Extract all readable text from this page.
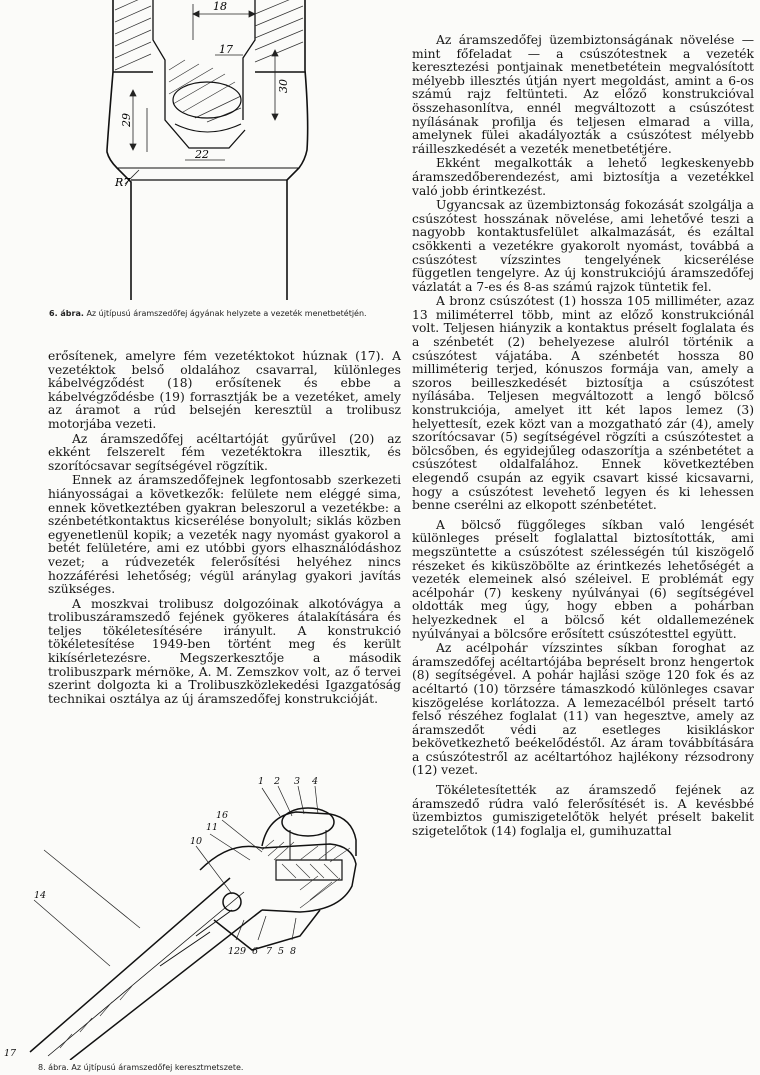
18
17
30
29
22
R7
6. ábra. Az újtípusú áramszedőfej ágyának helyzete a vezeték menetbetétjén.

erősítenek, amelyre fém vezetéktokot húznak (17). A vezetéktok belső oldalához csavarral, különleges kábelvégződést (18) erősítenek és ebbe a kábelvégződésbe (19) forrasztják be a vezetéket, amely az áramot a rúd belsején keresztül a trolibusz motorjába vezeti.

Az áramszedőfej acéltartóját gyűrűvel (20) az ekként felszerelt fém vezetéktokra illesztik, és szorítócsavar segítségével rögzítik.

Ennek az áramszedőfejnek legfontosabb szerkezeti hiányosságai a következők: felülete nem eléggé sima, ennek következtében gyakran beleszorul a vezetékbe: a szénbetétkontaktus kicserélése bonyolult; siklás közben egyenetlenül kopik; a vezeték nagy nyomást gyakorol a betét felületére, ami ez utóbbi gyors elhasználódáshoz vezet; a rúdvezeték felerősítési helyéhez nincs hozzáférési lehetőség; végül aránylag gyakori javítás szükséges.

A moszkvai trolibusz dolgozóinak alkotóvágya a trolibuszáramszedő fejének gyökeres átalakítására és teljes tökéletesítésére irányult. A konstrukció tökéletesítése 1949-ben történt meg és került kikísérletezésre. Megszerkesztője a második trolibuszpark mérnöke, A. M. Zemszkov volt, az ő tervei szerint dolgozta ki a Trolibuszközlekedési Igazgatóság technikai osztálya az új áramszedőfej konstrukcióját.

1 2 3 4
5
6 7 8
9
10
11
12
14
16
17
8. ábra. Az újtípusú áramszedőfej keresztmetszete.

Az áramszedőfej üzembiztonságának növelése — mint főfeladat — a csúszótestnek a vezeték keresztezési pontjainak menetbetétein megvalósított mélyebb illesztés útján nyert megoldást, amint a 6-os számú rajz feltünteti. Az előző konstrukcióval összehasonlítva, ennél megváltozott a csúszótest nyílásának profilja és teljesen elmarad a villa, amelynek fülei akadályozták a csúszótest mélyebb ráilleszkedését a vezeték menetbetétjére.

Ekként megalkották a lehető legkeskenyebb áramszedőberendezést, ami biztosítja a vezetékkel való jobb érintkezést.

Ugyancsak az üzembiztonság fokozását szolgálja a csúszótest hosszának növelése, ami lehetővé teszi a nagyobb kontaktusfelület alkalmazását, és ezáltal csökkenti a vezetékre gyakorolt nyomást, továbbá a csúszótest vízszintes tengelyének kicserélése független tengelyre. Az új konstrukciójú áramszedőfej vázlatát a 7-es és 8-as számú rajzok tüntetik fel.

A bronz csúszótest (1) hossza 105 milliméter, azaz 13 miliméterrel több, mint az előző konstrukciónál volt. Teljesen hiányzik a kontaktus préselt foglalata és a szénbetét (2) behelyezese alulról történik a csúszótest vájatába. A szénbetét hossza 80 milliméterig terjed, kónuszos formája van, amely a szoros beilleszkedését biztosítja a csúszótest nyílásába. Teljesen megváltozott a lengő bölcső konstrukciója, amelyet itt két lapos lemez (3) helyettesít, ezek közt van a mozgatható zár (4), amely szorítócsavar (5) segítségével rögzíti a csúszótestet a bölcsőben, és egyidejűleg odaszorítja a szénbetétet a csúszótest oldalfalához. Ennek következtében elegendő csupán az egyik csavart kissé kicsavarni, hogy a csúszótest levehető legyen és ki lehessen benne cserélni az elkopott szénbetétet.

A bölcső függőleges síkban való lengését különleges préselt foglalattal biztosították, ami megszüntette a csúszótest szélességén túl kiszögelő részeket és kiküszöbölte az érintkezés lehetőségét a vezeték elemeinek alsó széleivel. E problémát egy acélpohár (7) keskeny nyúlványai (6) segítségével oldották meg úgy, hogy ebben a pohárban helyezkednek el a bölcső két oldallemezének nyúlványai a bölcsőre erősített csúszótesttel együtt.

Az acélpohár vízszintes síkban foroghat az áramszedőfej acéltartójába bepréselt bronz hengertok (8) segítségével. A pohár hajlási szöge 120 fok és az acéltartó (10) törzsére támaszkodó különleges csavar kiszögelése korlátozza. A lemezacélból préselt tartó felső részéhez foglalat (11) van hegesztve, amely az áramszedőt védi az esetleges kisikláskor bekövetkezhető beékelődéstől. Az áram továbbítására a csúszótestről az acéltartóhoz hajlékony rézsodrony (12) vezet.

Tökéletesítették az áramszedő fejének az áramszedő rúdra való felerősítését is. A kevésbbé üzembiztos gumiszigetelőtök helyét préselt bakelit szigetelőtok (14) foglalja el, gumihuzattal
